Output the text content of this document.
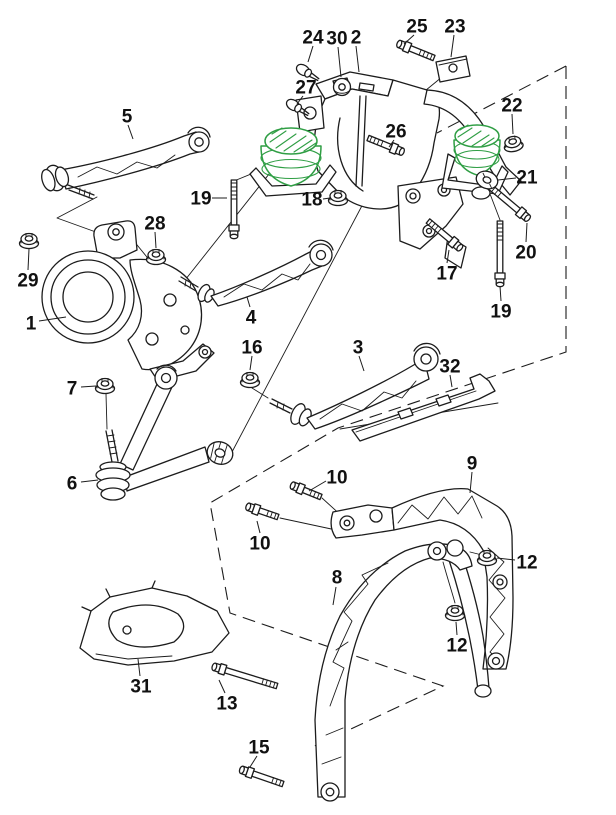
24 30 2
25 23
27
22
26
5
19	18
28
29
1
21
20
19
17
4
16	3
32
7
6
31
13
15
10
10
9
8
12
12
